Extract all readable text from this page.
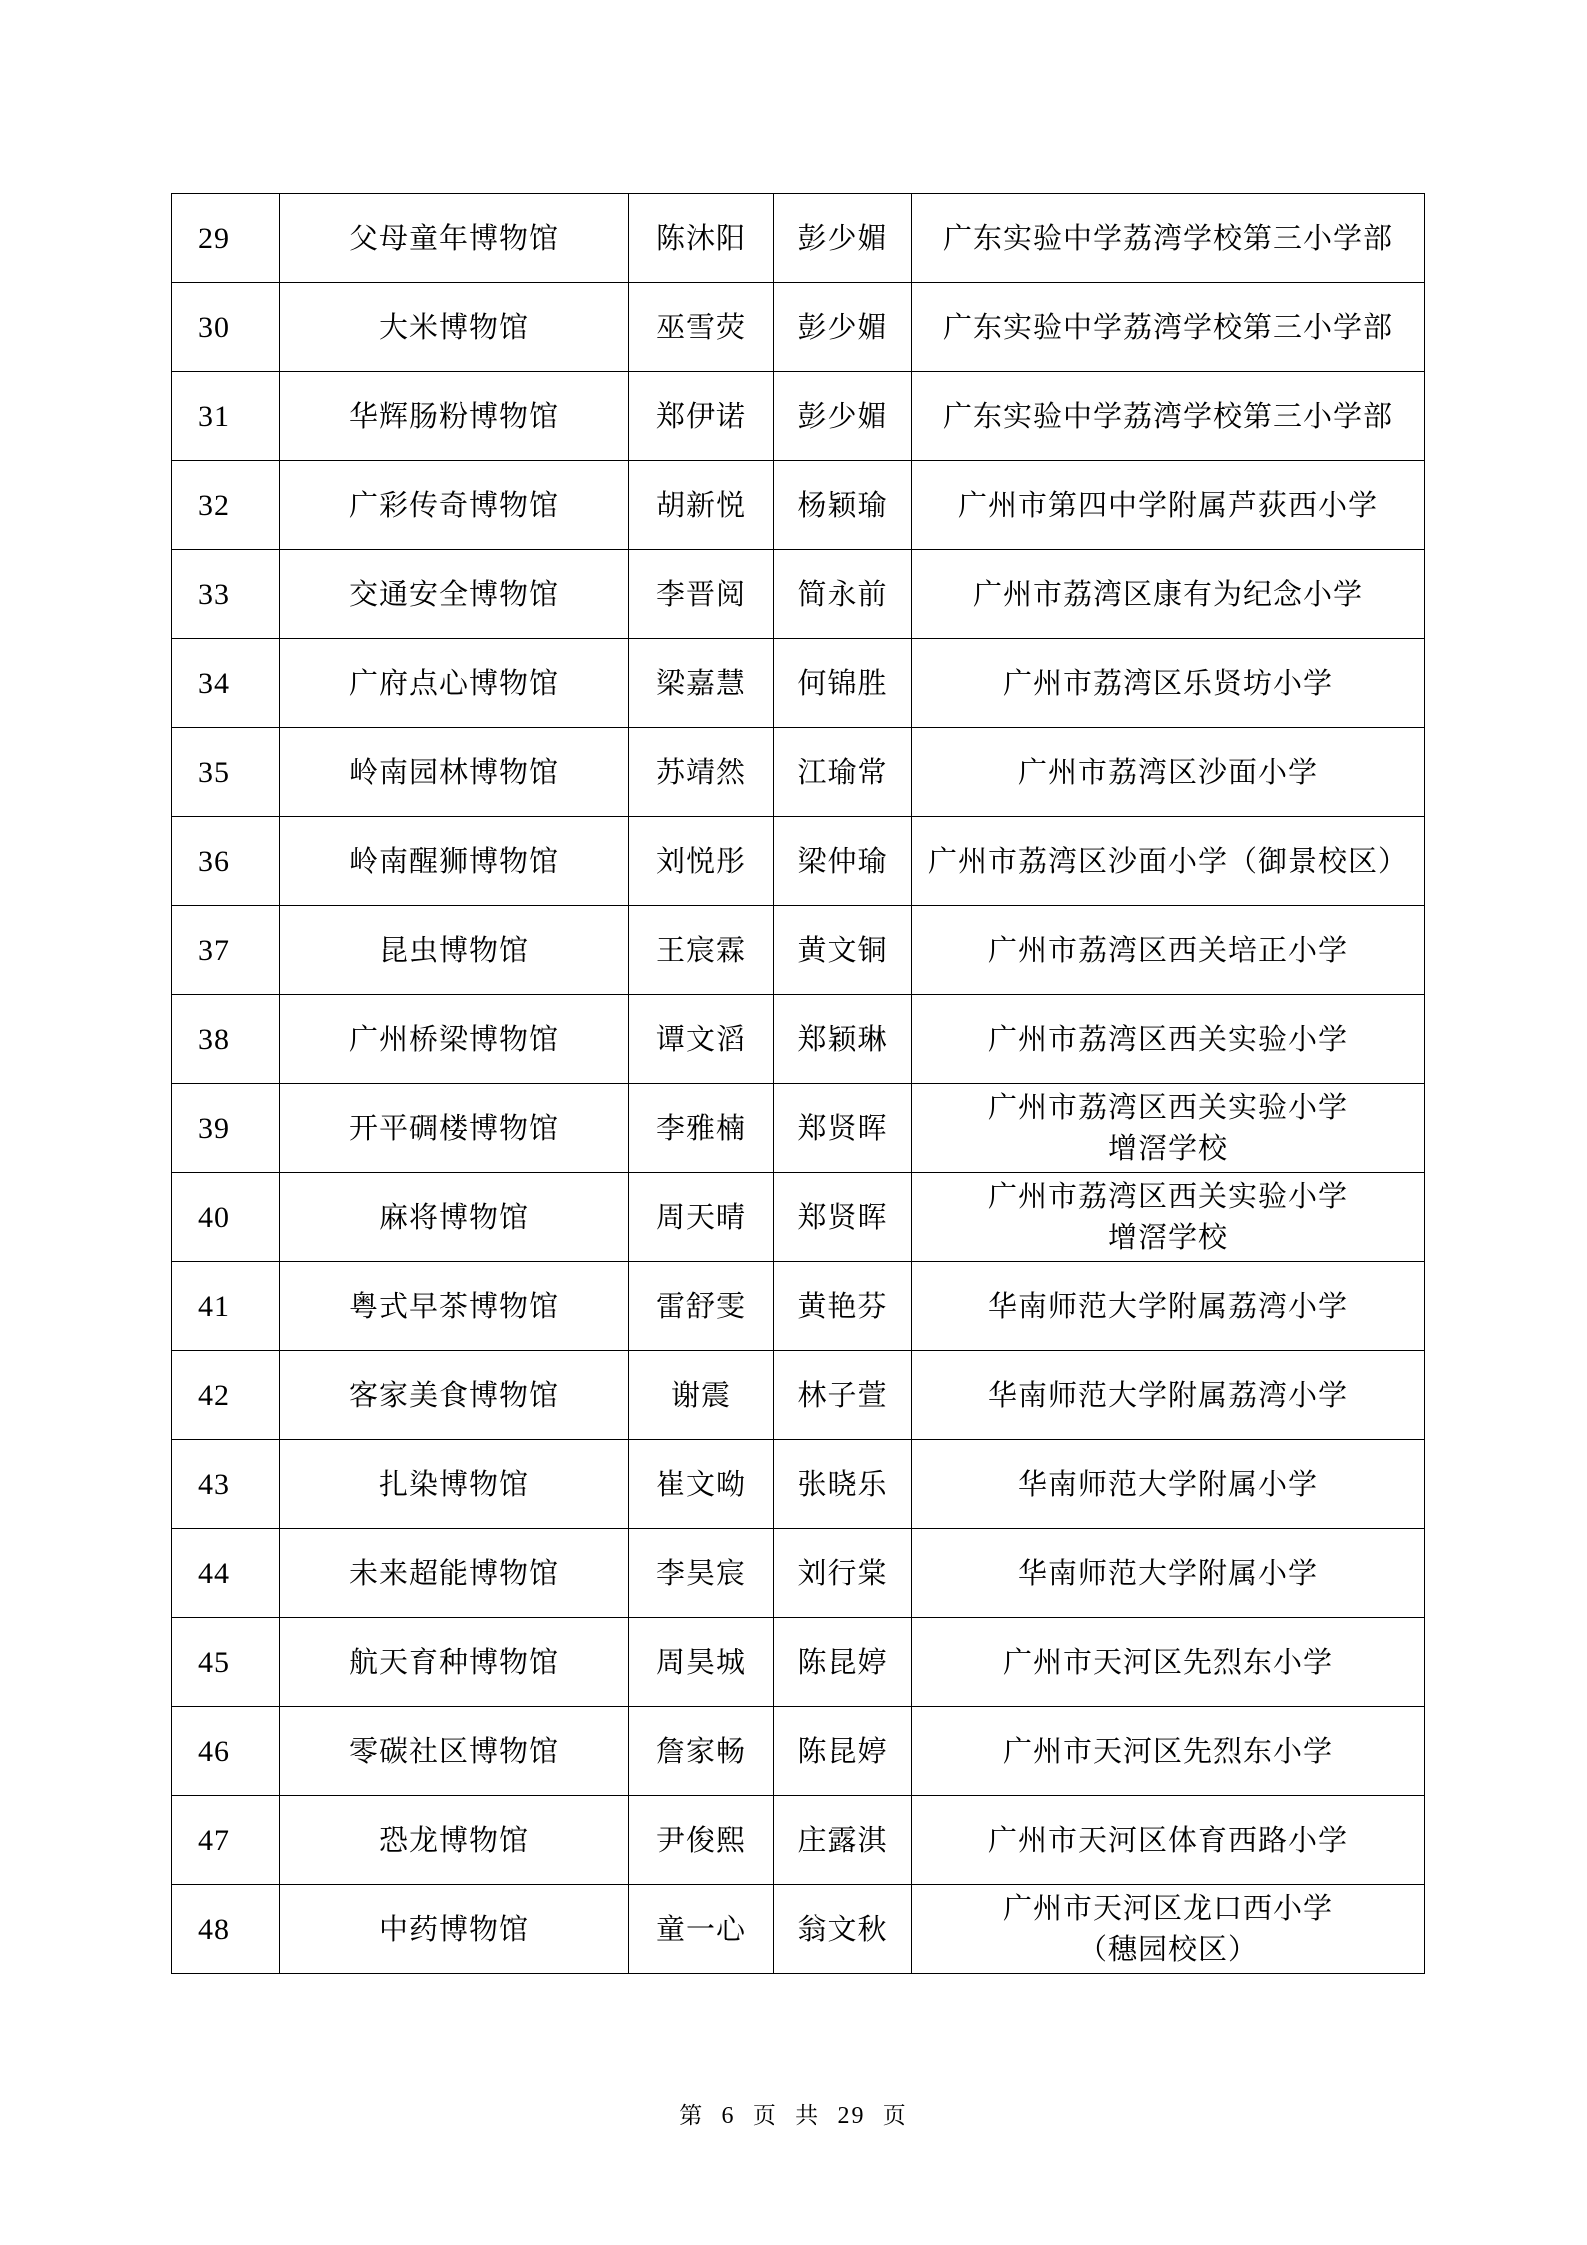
29	父母童年博物馆	陈沐阳	彭少媚	广东实验中学荔湾学校第三小学部

30	大米博物馆	巫雪荧	彭少媚	广东实验中学荔湾学校第三小学部

31	华辉肠粉博物馆	郑伊诺	彭少媚	广东实验中学荔湾学校第三小学部

32	广彩传奇博物馆	胡新悦	杨颖瑜	广州市第四中学附属芦荻西小学

33	交通安全博物馆	李晋阅	简永前	广州市荔湾区康有为纪念小学

34	广府点心博物馆	梁嘉慧	何锦胜	广州市荔湾区乐贤坊小学

35	岭南园林博物馆	苏靖然	江瑜常	广州市荔湾区沙面小学

36	岭南醒狮博物馆	刘悦彤	梁仲瑜	广州市荔湾区沙面小学（御景校区）

37	昆虫博物馆	王宸霖	黄文铜	广州市荔湾区西关培正小学

38	广州桥梁博物馆	谭文滔	郑颖琳	广州市荔湾区西关实验小学

39	开平碉楼博物馆	李雅楠	郑贤晖	广州市荔湾区西关实验小学
增滘学校

40	麻将博物馆	周天晴	郑贤晖	广州市荔湾区西关实验小学
增滘学校

41	粤式早茶博物馆	雷舒雯	黄艳芬	华南师范大学附属荔湾小学

42	客家美食博物馆	谢震	林子萱	华南师范大学附属荔湾小学

43	扎染博物馆	崔文呦	张晓乐	华南师范大学附属小学

44	未来超能博物馆	李昊宸	刘行棠	华南师范大学附属小学

45	航天育种博物馆	周昊城	陈昆婷	广州市天河区先烈东小学

46	零碳社区博物馆	詹家畅	陈昆婷	广州市天河区先烈东小学

47	恐龙博物馆	尹俊熙	庄露淇	广州市天河区体育西路小学

48	中药博物馆	童一心	翁文秋	广州市天河区龙口西小学
（穗园校区）
第 6 页 共 29 页
